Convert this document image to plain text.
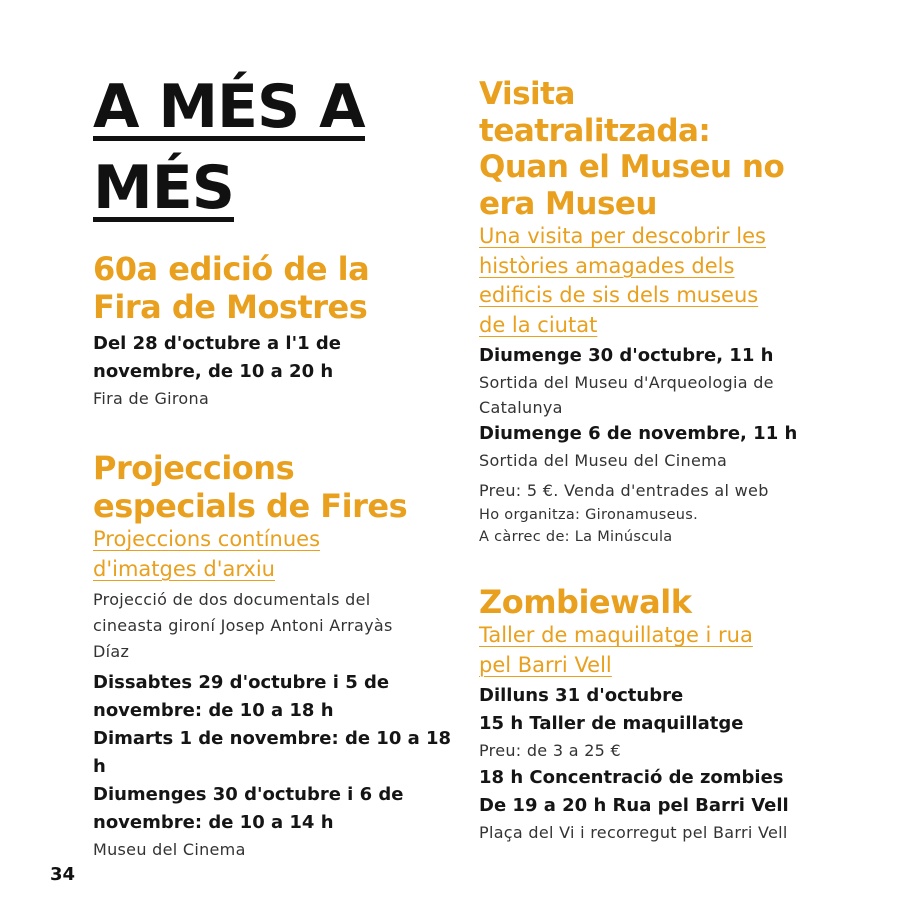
A MÉS A
MÉS
60a edició de la
Fira de Mostres
Del 28 d'octubre a l'1 de
novembre, de 10 a 20 h
Fira de Girona
Projeccions
especials de Fires
Projeccions contínues
d'imatges d'arxiu
Projecció de dos documentals del
cineasta gironí Josep Antoni Arrayàs
Díaz
Dissabtes 29 d'octubre i 5 de
novembre: de 10 a 18 h
Dimarts 1 de novembre: de 10 a 18 h
Diumenges 30 d'octubre i 6 de
novembre: de 10 a 14 h
Museu del Cinema
Visita
teatralitzada:
Quan el Museu no
era Museu
Una visita per descobrir les
històries amagades dels
edificis de sis dels museus
de la ciutat
Diumenge 30 d'octubre, 11 h
Sortida del Museu d'Arqueologia de
Catalunya
Diumenge 6 de novembre, 11 h
Sortida del Museu del Cinema
Preu: 5 €. Venda d'entrades al web
Ho organitza: Gironamuseus.
A càrrec de: La Minúscula
Zombiewalk
Taller de maquillatge i rua
pel Barri Vell
Dilluns 31 d'octubre
15 h Taller de maquillatge
Preu: de 3 a 25 €
18 h Concentració de zombies
De 19 a 20 h Rua pel Barri Vell
Plaça del Vi i recorregut pel Barri Vell
34
